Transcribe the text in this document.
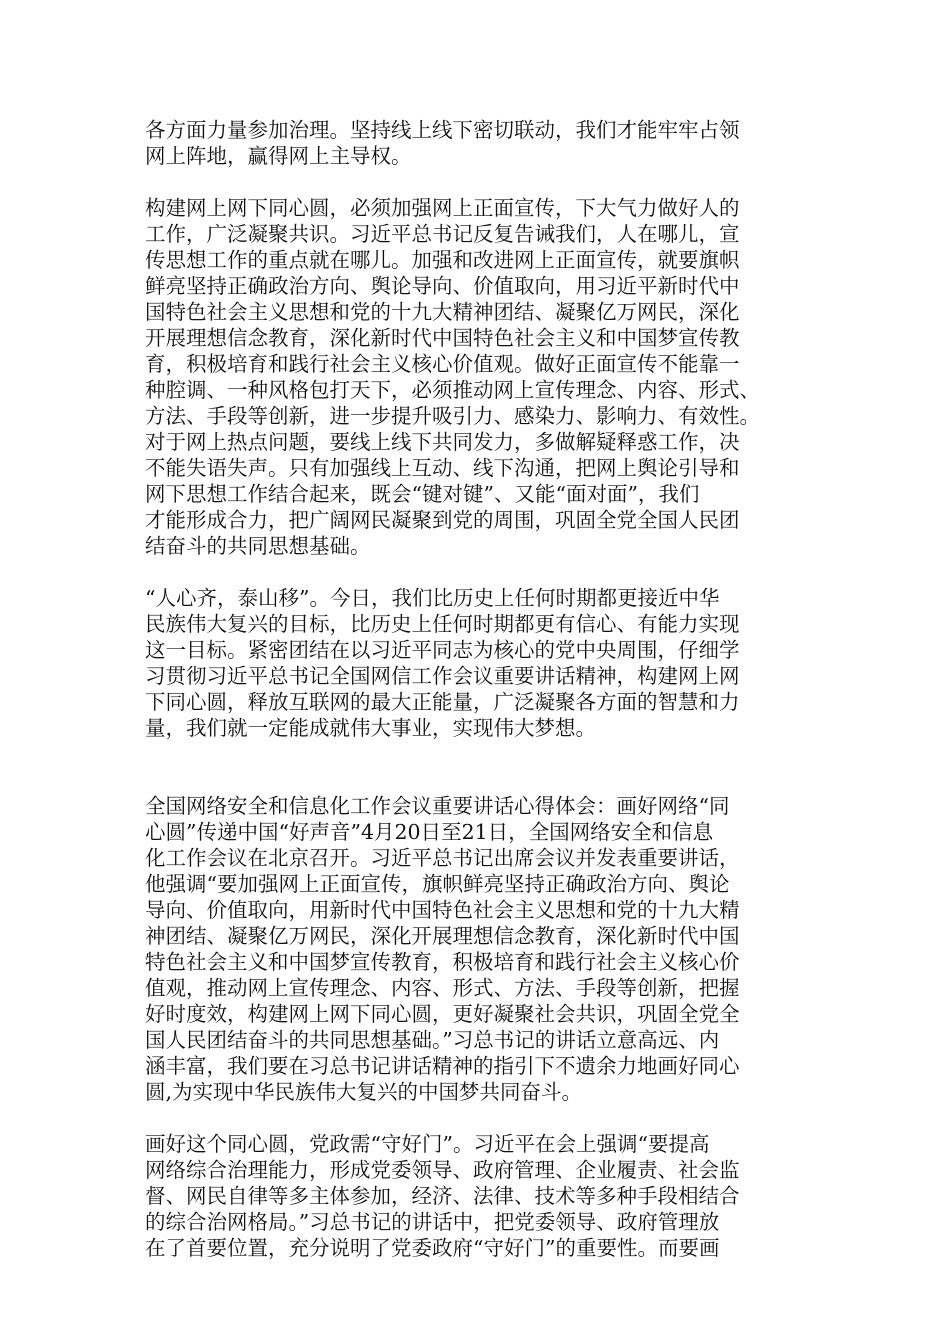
各方面力量参加治理。坚持线上线下密切联动，我们才能牢牢占领
网上阵地，赢得网上主导权。

构建网上网下同心圆，必须加强网上正面宣传，下大气力做好人的
工作，广泛凝聚共识。习近平总书记反复告诫我们，人在哪儿，宣
传思想工作的重点就在哪儿。加强和改进网上正面宣传，就要旗帜
鲜亮坚持正确政治方向、舆论导向、价值取向，用习近平新时代中
国特色社会主义思想和党的十九大精神团结、凝聚亿万网民，深化
开展理想信念教育，深化新时代中国特色社会主义和中国梦宣传教
育，积极培育和践行社会主义核心价值观。做好正面宣传不能靠一
种腔调、一种风格包打天下，必须推动网上宣传理念、内容、形式、
方法、手段等创新，进一步提升吸引力、感染力、影响力、有效性。
对于网上热点问题，要线上线下共同发力，多做解疑释惑工作，决
不能失语失声。只有加强线上互动、线下沟通，把网上舆论引导和
网下思想工作结合起来，既会“键对键”、又能“面对面”，我们
才能形成合力，把广阔网民凝聚到党的周围，巩固全党全国人民团
结奋斗的共同思想基础。

“人心齐，泰山移”。今日，我们比历史上任何时期都更接近中华
民族伟大复兴的目标，比历史上任何时期都更有信心、有能力实现
这一目标。紧密团结在以习近平同志为核心的党中央周围，仔细学
习贯彻习近平总书记全国网信工作会议重要讲话精神，构建网上网
下同心圆，释放互联网的最大正能量，广泛凝聚各方面的智慧和力
量，我们就一定能成就伟大事业，实现伟大梦想。

全国网络安全和信息化工作会议重要讲话心得体会：画好网络“同
心圆”传递中国“好声音”4月20日至21日，全国网络安全和信息
化工作会议在北京召开。习近平总书记出席会议并发表重要讲话，
他强调“要加强网上正面宣传，旗帜鲜亮坚持正确政治方向、舆论
导向、价值取向，用新时代中国特色社会主义思想和党的十九大精
神团结、凝聚亿万网民，深化开展理想信念教育，深化新时代中国
特色社会主义和中国梦宣传教育，积极培育和践行社会主义核心价
值观，推动网上宣传理念、内容、形式、方法、手段等创新，把握
好时度效，构建网上网下同心圆，更好凝聚社会共识，巩固全党全
国人民团结奋斗的共同思想基础。”习总书记的讲话立意高远、内
涵丰富，我们要在习总书记讲话精神的指引下不遗余力地画好同心
圆,为实现中华民族伟大复兴的中国梦共同奋斗。

画好这个同心圆，党政需“守好门”。习近平在会上强调“要提高
网络综合治理能力，形成党委领导、政府管理、企业履责、社会监
督、网民自律等多主体参加，经济、法律、技术等多种手段相结合
的综合治网格局。”习总书记的讲话中，把党委领导、政府管理放
在了首要位置，充分说明了党委政府“守好门”的重要性。而要画
